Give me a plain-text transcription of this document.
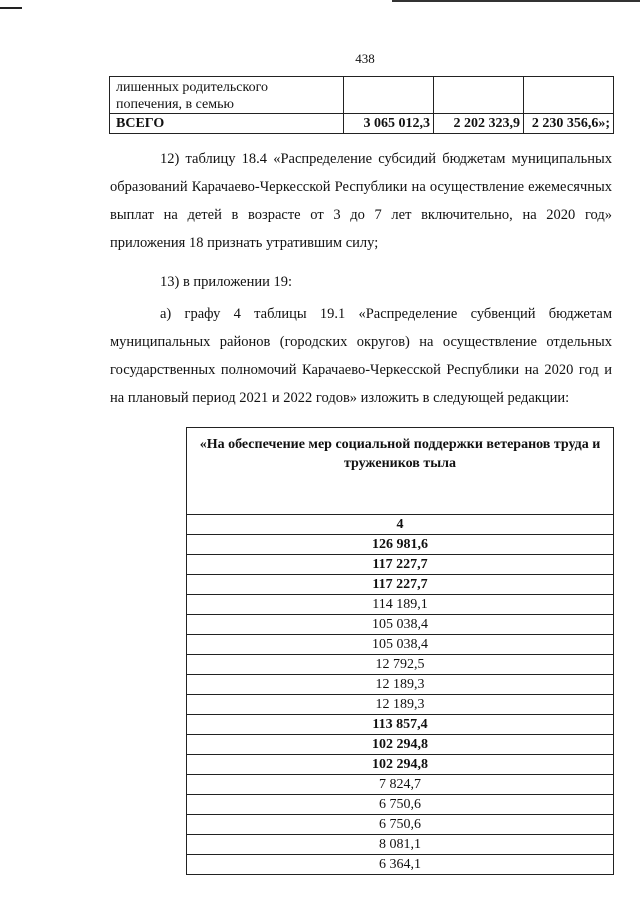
438
лишенных родительского
попечения, в семью			

ВСЕГО	3 065 012,3	2 202 323,9	2 230 356,6»;

12) таблицу 18.4 «Распределение субсидий бюджетам муниципальных образований Карачаево-Черкесской Республики на осуществление ежемесячных выплат на детей в возрасте от 3 до 7 лет включительно, на 2020 год» приложения 18 признать утратившим силу;

13) в приложении 19:

а) графу 4 таблицы 19.1 «Распределение субвенций бюджетам муниципальных районов (городских округов) на осуществление отдельных государственных полномочий Карачаево-Черкесской Республики на 2020 год и на плановый период 2021 и 2022 годов» изложить в следующей редакции:

«На обеспечение мер социальной поддержки ветеранов труда и тружеников тыла
4
126 981,6
117 227,7
117 227,7
114 189,1
105 038,4
105 038,4
12 792,5
12 189,3
12 189,3
113 857,4
102 294,8
102 294,8
7 824,7
6 750,6
6 750,6
8 081,1
6 364,1
